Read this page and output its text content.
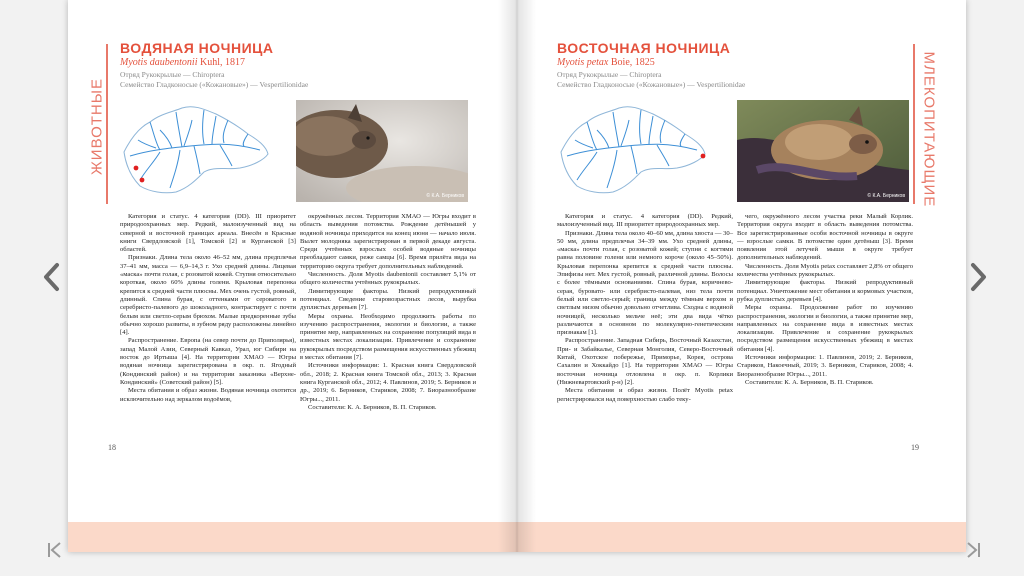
ЖИВОТНЫЕ
ВОДЯНАЯ НОЧНИЦА
Myotis daubentonii Kuhl, 1817
Отряд Рукокрылые — Chiroptera
Семейство Гладконосые («Кожановые») — Vespertilionidae
© К.А. Берников

Категория и статус. 4 категория (DD). III приоритет природоохранных мер. Редкий, малоизученный вид на северной и восточной границах ареала. Внесён в Красные книги Свердловской [1], Томской [2] и Курганской [3] областей.

Признаки. Длина тела около 46–52 мм, длина предплечья 37–41 мм, масса — 6,9–14,3 г. Ухо средней длины. Лицевая «маска» почти голая, с розоватой кожей. Ступня относительно короткая, около 60% длины голени. Крыловая перепонка крепится к средней части плюсны. Мех очень густой, ровный, длинный. Спина бурая, с оттенками от сероватого и серебристо-палевого до шоколадного, контрастирует с почти белым или светло-серым брюхом. Малые предкоренные зубы обычно хорошо развиты, в зубном ряду расположены линейно [4].

Распространение. Европа (на север почти до Приполярья), запад Малой Азии, Северный Кавказ, Урал, юг Сибири на восток до Иртыша [4]. На территории ХМАО — Югры водяная ночница зарегистрирована в окр. п. Ягодный (Кондинский район) и на территории заказника «Верхне-Кондинский» (Советский район) [5].

Места обитания и образ жизни. Водяная ночница охотится исключительно над зеркалом водоёмов,

окружённых лесом. Территория ХМАО — Югры входит в область выведения потомства. Рождение детёнышей у водяной ночницы приходится на конец июня — начало июля. Вылет молодняка зарегистрирован в первой декаде августа. Среди учтённых взрослых особей водяные ночницы преобладают самки, реже самцы [6]. Время прилёта вида на территорию округа требует дополнительных наблюдений.

Численность. Доля Myotis daubentonii составляет 5,1% от общего количества учтённых рукокрылых.

Лимитирующие факторы. Низкий репродуктивный потенциал. Сведение старовозрастных лесов, вырубка дуплистых деревьев [7].

Меры охраны. Необходимо продолжить работы по изучению распространения, экологии и биологии, а также принятие мер, направленных на сохранение популяций вида в известных местах локализации. Привлечение и сохранение рукокрылых посредством размещения искусственных убежищ в местах обитания [7].

Источники информации: 1. Красная книга Свердловской обл., 2018; 2. Красная книга Томской обл., 2013; 3. Красная книга Курганской обл., 2012; 4. Павлинов, 2019; 5. Берников и др., 2019; 6. Берников, Стариков, 2008; 7. Биоразнообразие Югры..., 2011.

Составители: К. А. Берников, В. П. Стариков.

18
МЛЕКОПИТАЮЩИЕ
ВОСТОЧНАЯ НОЧНИЦА
Myotis petax Boie, 1825
Отряд Рукокрылые — Chiroptera
Семейство Гладконосые («Кожановые») — Vespertilionidae
© К.А. Берников

Категория и статус. 4 категория (DD). Редкий, малоизученный вид. III приоритет природоохранных мер.

Признаки. Длина тела около 40–60 мм, длина хвоста — 30–50 мм, длина предплечья 34–39 мм. Ухо средней длины, «маска» почти голая, с розоватой кожей; ступня с когтями равна половине голени или немного короче (около 45–50%). Крыловая перепонка крепится к средней части плюсны. Эпифизы нет. Мех густой, ровный, различной длины. Волосы с более тёмными основаниями. Спина бурая, коричнево-серая, буровато- или серебристо-палевая, низ тела почти белый или светло-серый; граница между тёмным верхом и светлым низом обычно довольно отчетлива. Сходна с водяной ночницей, несколько мельче неё; эти два вида чётко различаются в основном по молекулярно-генетическим признакам [1].

Распространение. Западная Сибирь, Восточный Казахстан, При- и Забайкалье, Северная Монголия, Северо-Восточный Китай, Охотское побережье, Приморье, Корея, острова Сахалин и Хоккайдо [1]. На территории ХМАО — Югры восточная ночница отловлена в окр. п. Корлики (Нижневартовский р-н) [2].

Места обитания и образ жизни. Полёт Myotis petax регистрировался над поверхностью слабо теку-

чего, окружённого лесом участка реки Малый Корлик. Территория округа входит в область выведения потомства. Все зарегистрированные особи восточной ночницы в округе — взрослые самки. В потомстве один детёныш [3]. Время появления этой летучей мыши в округе требует дополнительных наблюдений.

Численность. Доля Myotis petax составляет 2,8% от общего количества учтённых рукокрылых.

Лимитирующие факторы. Низкий репродуктивный потенциал. Уничтожение мест обитания и кормовых участков, рубка дуплистых деревьев [4].

Меры охраны. Продолжение работ по изучению распространения, экологии и биологии, а также принятие мер, направленных на сохранение вида в известных местах локализации. Привлечение и сохранение рукокрылых посредством размещения искусственных убежищ в местах обитания [4].

Источники информации: 1. Павлинов, 2019; 2. Берников, Стариков, Накоечный, 2019; 3. Берников, Стариков, 2008; 4. Биоразнообразие Югры..., 2011.

Составители: К. А. Берников, В. П. Стариков.

19
